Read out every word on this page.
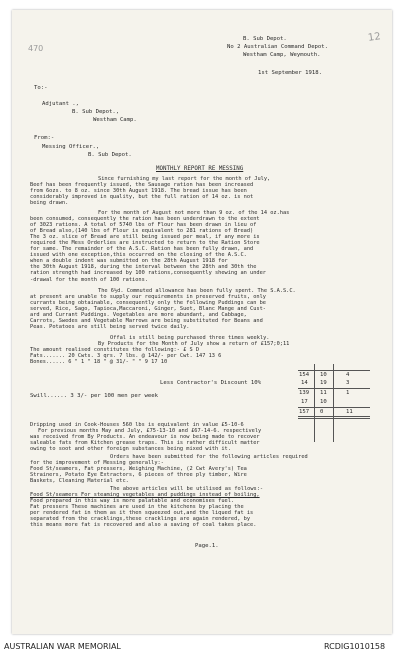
470
12
B. Sub Depot.
No 2 Australian Command Depot.
Westham Camp, Weymouth.
1st September 1918.
To:-
Adjutant .,
B. Sub Depot.,
Westham Camp.
From:-
Messing Officer.,
B. Sub Depot.
MONTHLY REPORT RE MESSING
Since furnishing my last report for the month of July,
Beef has been frequently issued, the Sausage ration has been increased
from 6ozs. to 8 oz. since 30th August 1918. The bread issue has been
considerably improved in quality, but the full ration of 14 oz. is not
being drawn.
For the month of August not more than 9 oz. of the 14 oz.has
been consumed, consequently the ration has been underdrawn to the extent
of 3023 rations. A total of 5740 lbs of Flour has been drawn in lieu of
of Bread also,(140 lbs of Flour is equivalent to 281 rations of Bread)
The 3 oz. slice of Bread are still being issued per meal, if any more is
required the Mess Orderlies are instructed to return to the Ration Store
for same. The remainder of the A.S.C. Ration has been fully drawn, and
issued with one exception,this occurred on the closing of the A.S.C.
when a double indent was submitted on the 28th August 1918 for
the 30th August 1918, during the interval between the 28th and 30th the
ration strength had increased by 100 rations,consequently shewing an under
-drawal for the month of 100 rations.
The 6½d. Commuted allowance has been fully spent. The S.A.S.C.
at present are unable to supply our requirements in preserved fruits, only
currants being obtainable, consequently only the following Puddings can be
served, Rice, Sago, Tapioca,Maccaroni, Ginger, Suet, Blanc Mange and Cust-
ard and Currant Puddings. Vegetables are more abundant, and Cabbage,
Carrots, Swedes and Vegetable Marrows are being substituted for Beans and
Peas. Potatoes are still being served twice daily.
Offal is still being purchased three times weekly.
By Products for the Month of July show a return of £157;0;11
The amount realised constitutes the following:- £ S D
Fats....... 20 Cwts. 3 qrs. 7 lbs. @ 142/- per Cwt. 147 13 6
Bones...... 6 " 1 " 18 " @ 31/- " " 9 17 10
154 10	4
Less Contractor's Discount 10%	14 19	3
Swill...... 3 3/- per 100 men per week	139 11	1
17 10
157 0	11
Dripping used in Cook-Houses 560 lbs is equivalent in value £5-10-6
For previous months May and July, £75-13-10 and £67-14-6. respectively
was received from By Products. An endeavour is now being made to recover
saleable fats from Kitchen grease traps. This is rather difficult matter
owing to soot and other foreign substances being mixed with it.
Orders have been submitted for the following articles required
for the improvement of Messing generally:-
Food St/seamers, Fat pressers, Weighing Machine, (2 Cwt Avery's) Tea
Strainers, Potato Eye Extractors, 6 pieces of three ply timber, Wire
Baskets, Cleaning Material etc.
The above articles will be utilised as follows:-
Food St/seamers For steaming vegetables and puddings instead of boiling,
Food prepared in this way is more palatable and economises fuel.
Fat pressers These machines are used in the kitchens by placing the
per rendered fat in them as it then squeezed out,and the liqued fat is
separated from the cracklings,these cracklings are again rendered, by
this means more fat is recovered and also a saving of coal takes place.
Page.1.
AUSTRALIAN WAR MEMORIAL	RCDIG1010158
